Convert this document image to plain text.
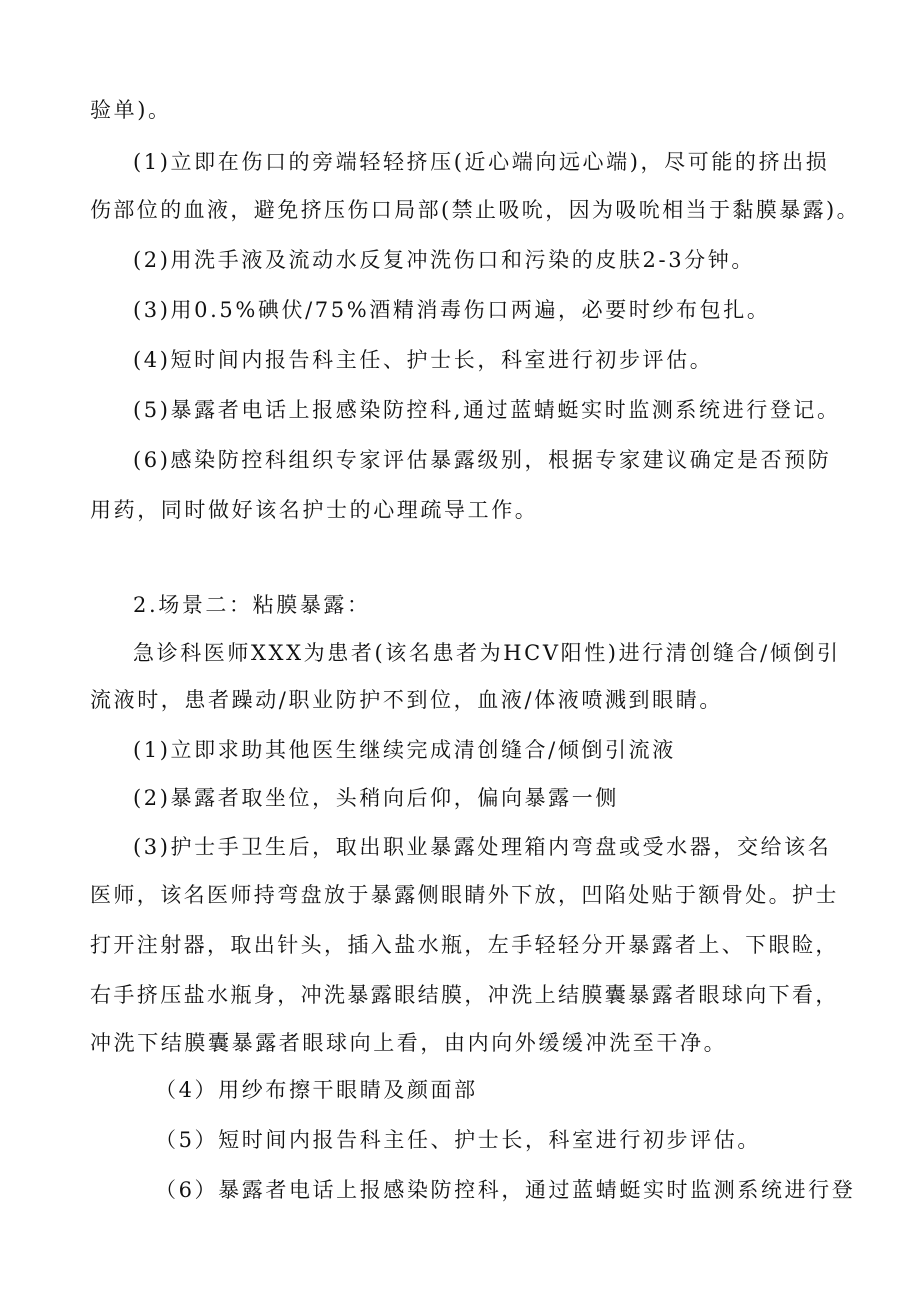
验单)。
(1)立即在伤口的旁端轻轻挤压(近心端向远心端)，尽可能的挤出损
伤部位的血液，避免挤压伤口局部(禁止吸吮，因为吸吮相当于黏膜暴露)。
(2)用洗手液及流动水反复冲洗伤口和污染的皮肤2-3分钟。
(3)用0.5%碘伏/75%酒精消毒伤口两遍，必要时纱布包扎。
(4)短时间内报告科主任、护士长，科室进行初步评估。
(5)暴露者电话上报感染防控科,通过蓝蜻蜓实时监测系统进行登记。
(6)感染防控科组织专家评估暴露级别，根据专家建议确定是否预防
用药，同时做好该名护士的心理疏导工作。
2.场景二：粘膜暴露：
急诊科医师XXX为患者(该名患者为HCV阳性)进行清创缝合/倾倒引
流液时，患者躁动/职业防护不到位，血液/体液喷溅到眼睛。
(1)立即求助其他医生继续完成清创缝合/倾倒引流液
(2)暴露者取坐位，头稍向后仰，偏向暴露一侧
(3)护士手卫生后，取出职业暴露处理箱内弯盘或受水器，交给该名
医师，该名医师持弯盘放于暴露侧眼睛外下放，凹陷处贴于额骨处。护士
打开注射器，取出针头，插入盐水瓶，左手轻轻分开暴露者上、下眼睑，
右手挤压盐水瓶身，冲洗暴露眼结膜，冲洗上结膜囊暴露者眼球向下看，
冲洗下结膜囊暴露者眼球向上看，由内向外缓缓冲洗至干净。
（4）用纱布擦干眼睛及颜面部
（5）短时间内报告科主任、护士长，科室进行初步评估。
（6）暴露者电话上报感染防控科，通过蓝蜻蜓实时监测系统进行登
